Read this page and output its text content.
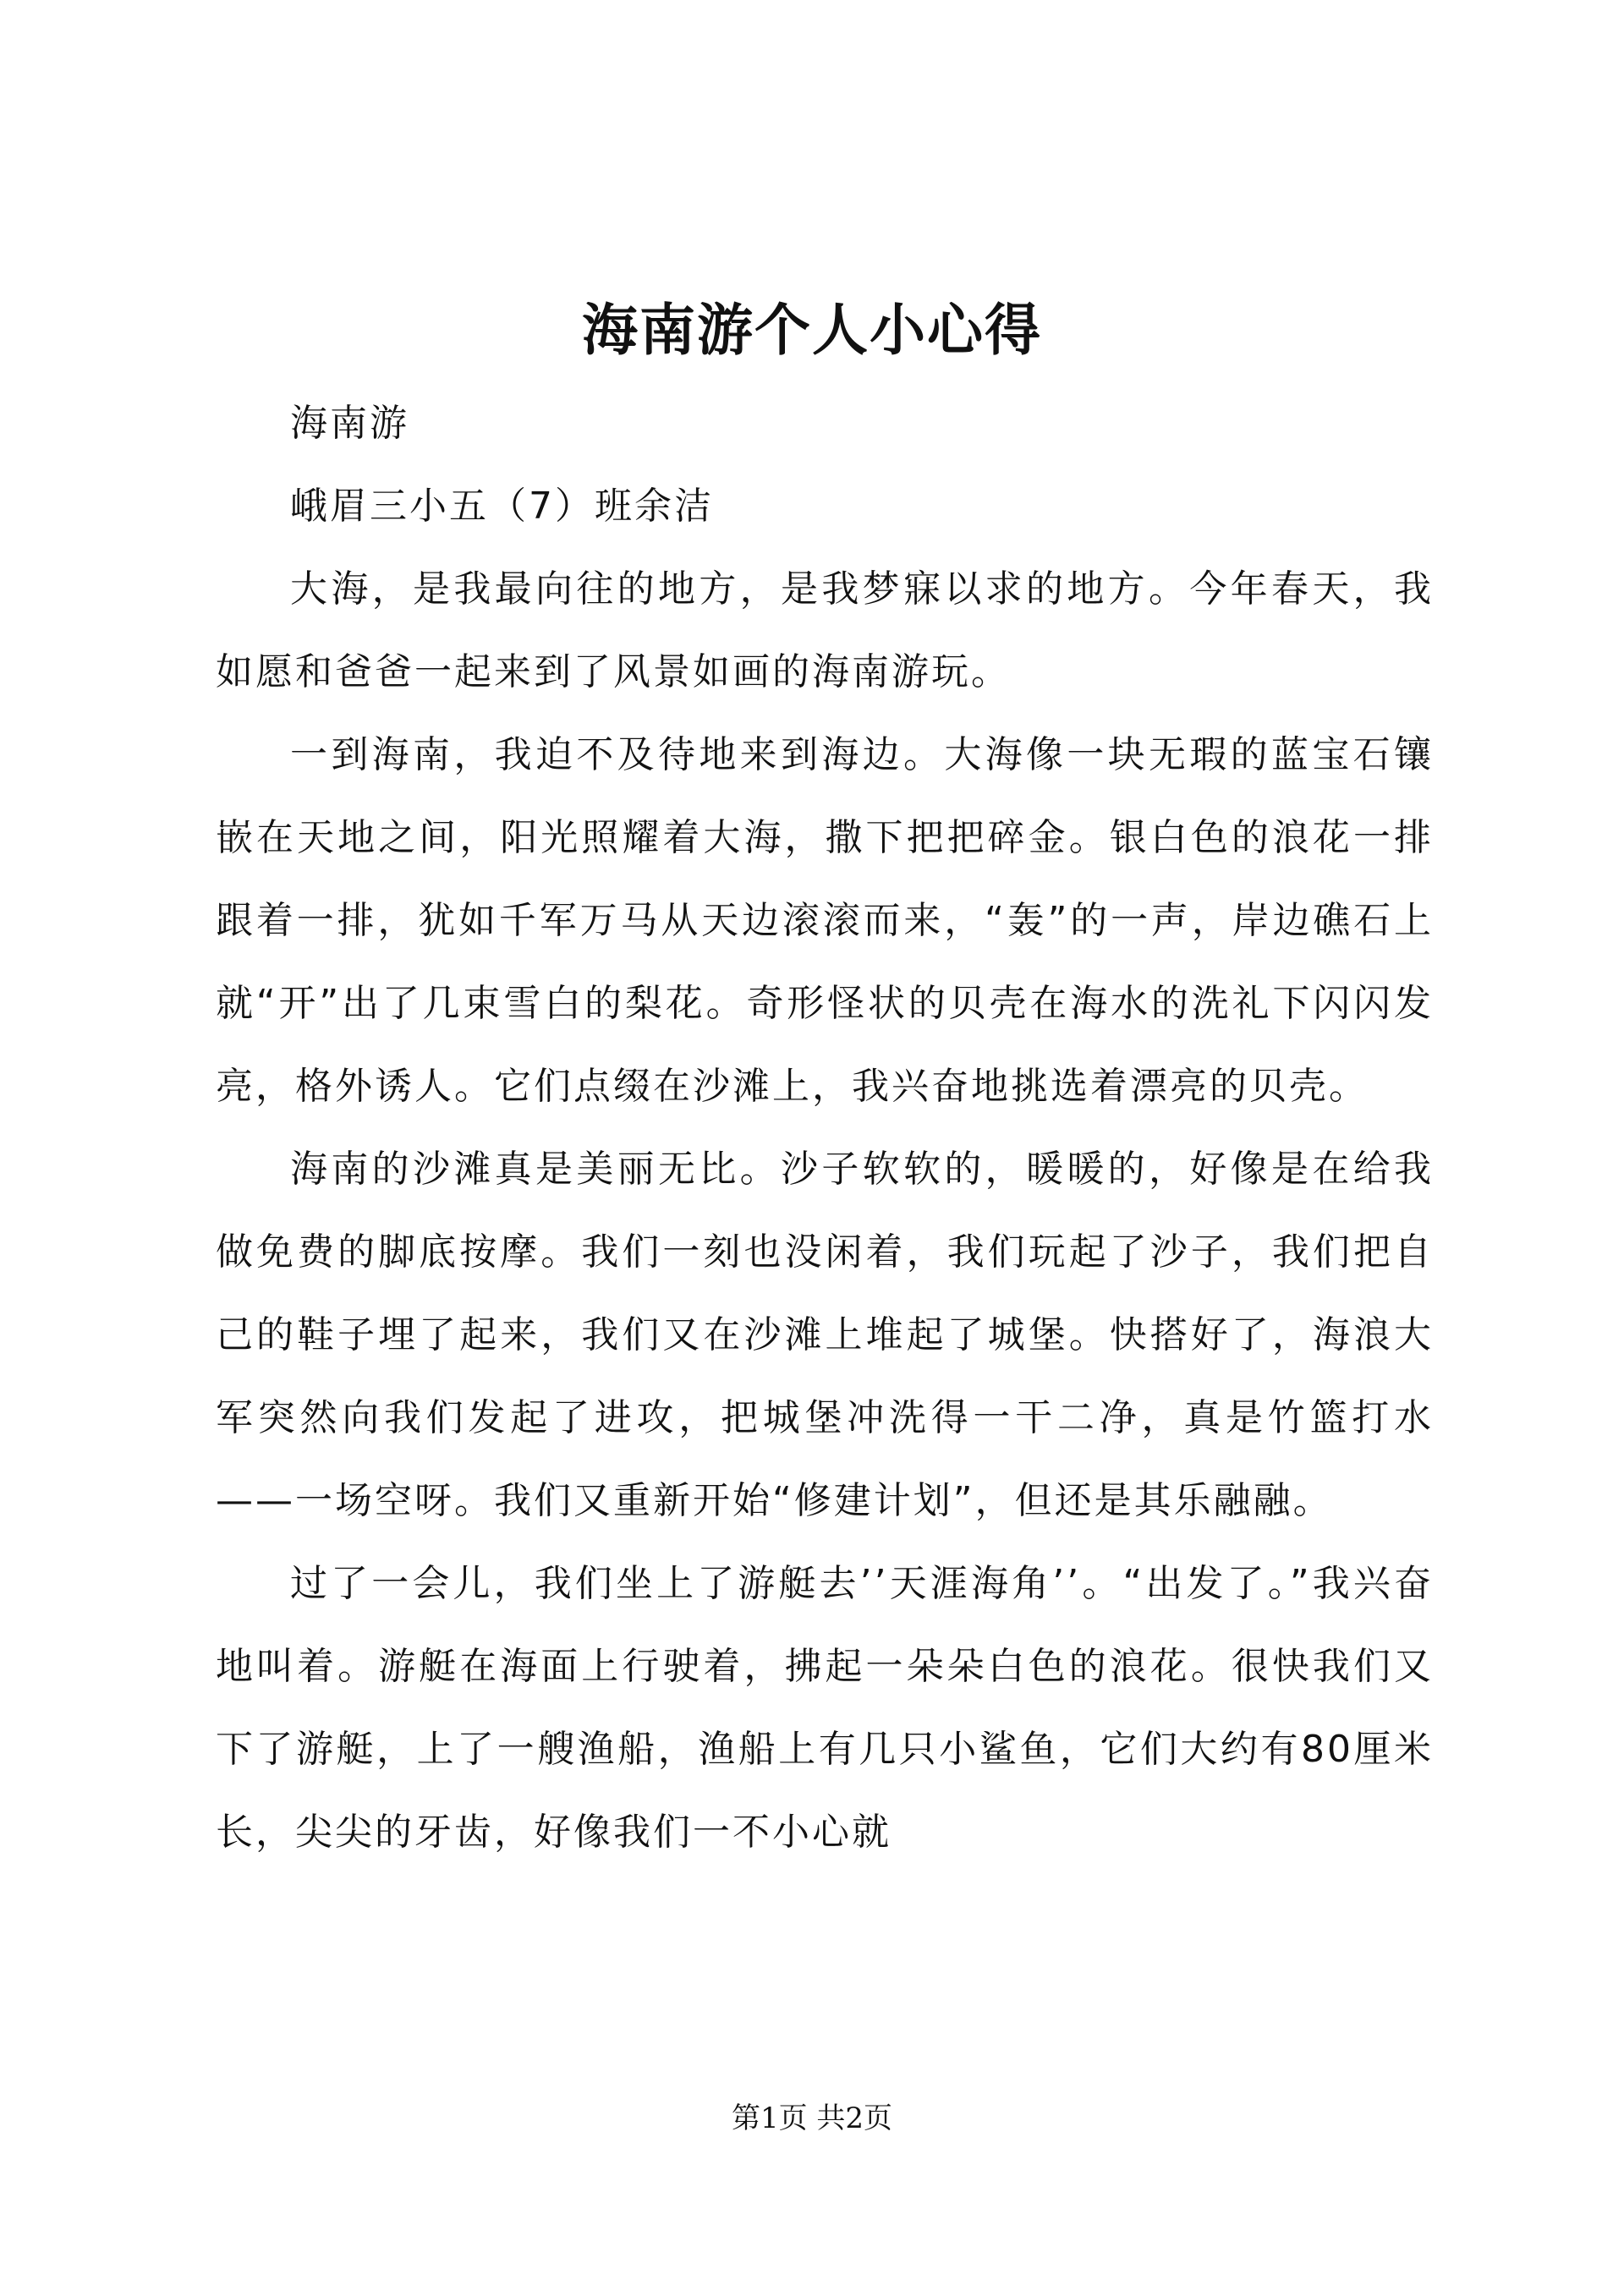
海南游个人小心得

海南游

峨眉三小五（7）班余洁

大海，是我最向往的地方，是我梦寐以求的地方。今年春天，我如愿和爸爸一起来到了风景如画的海南游玩。

一到海南，我迫不及待地来到海边。大海像一块无瑕的蓝宝石镶嵌在天地之间，阳光照耀着大海，撒下把把碎金。银白色的浪花一排跟着一排，犹如千军万马从天边滚滚而来，“轰”的一声，岸边礁石上就“开”出了几束雪白的梨花。奇形怪状的贝壳在海水的洗礼下闪闪发亮，格外诱人。它们点缀在沙滩上，我兴奋地挑选着漂亮的贝壳。

海南的沙滩真是美丽无比。沙子软软的，暖暖的，好像是在给我做免费的脚底按摩。我们一刻也没闲着，我们玩起了沙子，我们把自己的鞋子埋了起来，我们又在沙滩上堆起了城堡。快搭好了，海浪大军突然向我们发起了进攻，把城堡冲洗得一干二净，真是竹篮打水——一场空呀。我们又重新开始“修建计划”，但还是其乐融融。

过了一会儿，我们坐上了游艇去’’天涯海角’’。“出发了。”我兴奋地叫着。游艇在海面上行驶着，拂起一朵朵白色的浪花。很快我们又下了游艇，上了一艘渔船，渔船上有几只小鲨鱼，它们大约有80厘米长，尖尖的牙齿，好像我们一不小心就

第1页 共2页
